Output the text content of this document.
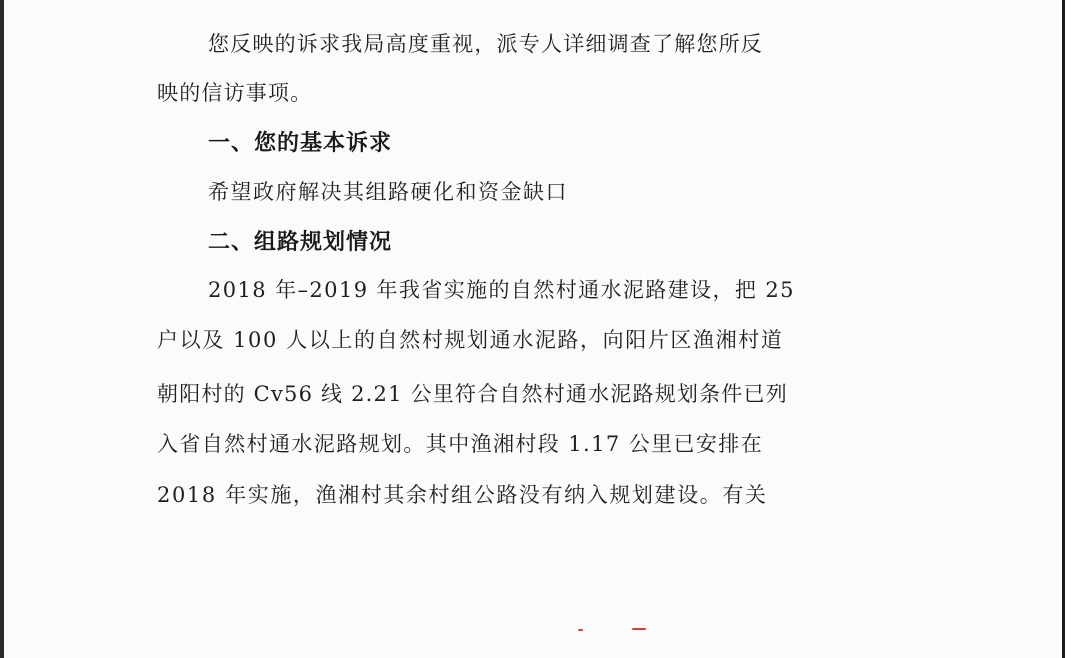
您反映的诉求我局高度重视，派专人详细调查了解您所反
映的信访事项。
一、您的基本诉求
希望政府解决其组路硬化和资金缺口
二、组路规划情况
2018 年–2019 年我省实施的自然村通水泥路建设，把 25
户以及 100 人以上的自然村规划通水泥路，向阳片区渔湘村道
朝阳村的 Cv56 线 2.21 公里符合自然村通水泥路规划条件已列
入省自然村通水泥路规划。其中渔湘村段 1.17 公里已安排在
2018 年实施，渔湘村其余村组公路没有纳入规划建设。有关
